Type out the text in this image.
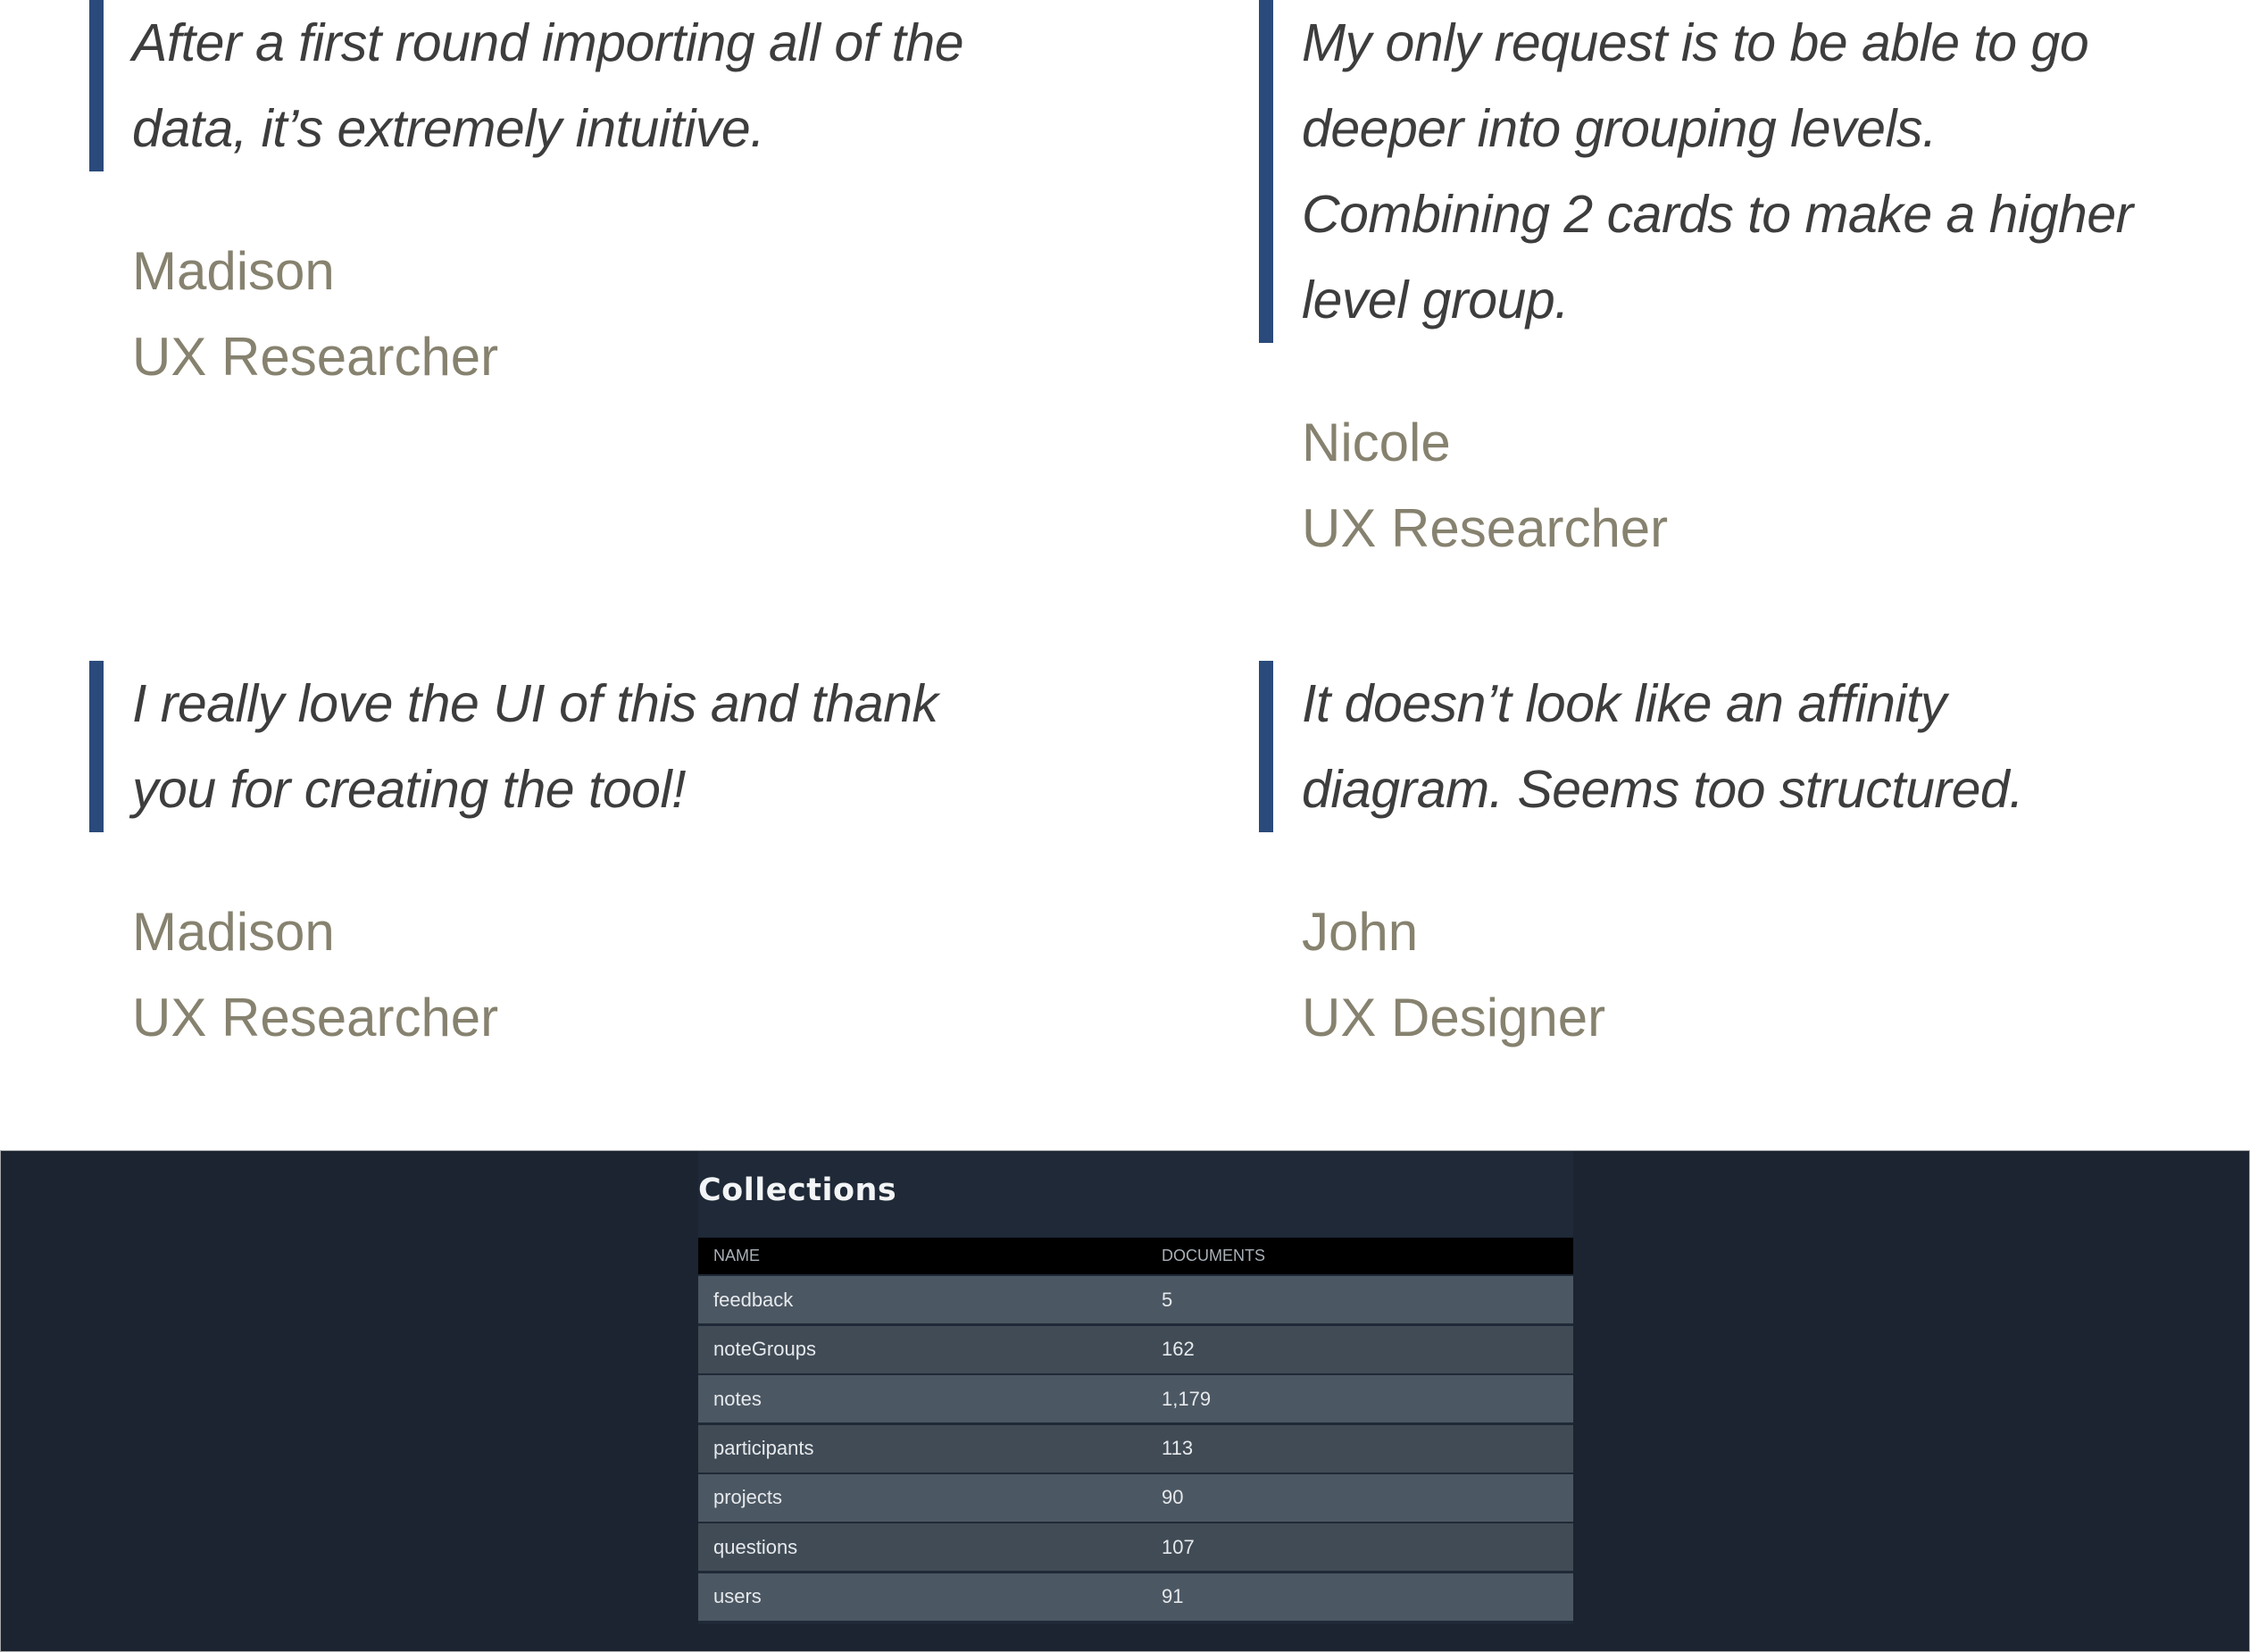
After a first round importing all of the
data, it’s extremely intuitive.

Madison
UX Researcher

My only request is to be able to go
deeper into grouping levels.
Combining 2 cards to make a higher
level group.

Nicole
UX Researcher

I really love the UI of this and thank
you for creating the tool!

Madison
UX Researcher

It doesn’t look like an affinity
diagram. Seems too structured.

John
UX Designer

Collections
NAME	DOCUMENTS
feedback	5
noteGroups	162
notes	1,179
participants	113
projects	90
questions	107
users	91
